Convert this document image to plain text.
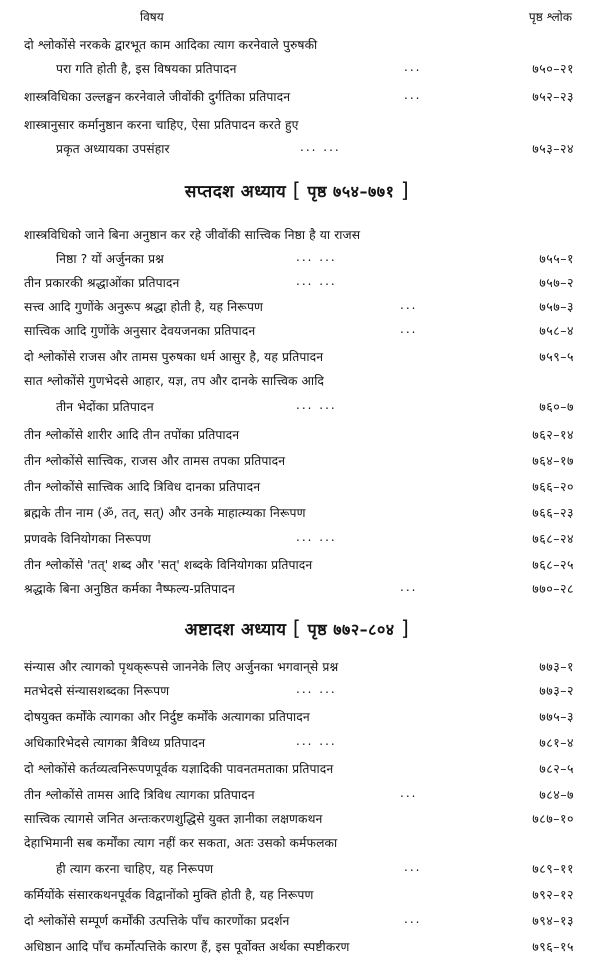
विषय	पृष्ठ श्लोक
दो श्लोकोंसे नरकके द्वारभूत काम आदिका त्याग करनेवाले पुरुषकी
परा गति होती है, इस विषयका प्रतिपादन	...	७५०–२१
शास्त्रविधिका उल्लङ्घन करनेवाले जीवोंकी दुर्गतिका प्रतिपादन	...	७५२–२३
शास्त्रानुसार कर्मानुष्ठान करना चाहिए, ऐसा प्रतिपादन करते हुए
प्रकृत अध्यायका उपसंहार	... ...	७५३–२४
सप्तदश अध्याय [ पृष्ठ ७५४–७७१ ]
शास्त्रविधिको जाने बिना अनुष्ठान कर रहे जीवोंकी सात्त्विक निष्ठा है या राजस
निष्ठा ? यों अर्जुनका प्रश्न	... ...	७५५–१
तीन प्रकारकी श्रद्धाओंका प्रतिपादन	... ...	७५७–२
सत्त्व आदि गुणोंके अनुरूप श्रद्धा होती है, यह निरूपण	...	७५७–३
सात्त्विक आदि गुणोंके अनुसार देवयजनका प्रतिपादन	...	७५८–४
दो श्लोकोंसे राजस और तामस पुरुषका धर्म आसुर है, यह प्रतिपादन	७५९–५
सात श्लोकोंसे गुणभेदसे आहार, यज्ञ, तप और दानके सात्त्विक आदि
तीन भेदोंका प्रतिपादन	... ...	७६०–७
तीन श्लोकोंसे शारीर आदि तीन तपोंका प्रतिपादन	७६२–१४
तीन श्लोकोंसे सात्त्विक, राजस और तामस तपका प्रतिपादन	७६४–१७
तीन श्लोकोंसे सात्त्विक आदि त्रिविध दानका प्रतिपादन	७६६–२०
ब्रह्मके तीन नाम (ॐ, तत्, सत्) और उनके माहात्म्यका निरूपण	७६६–२३
प्रणवके विनियोगका निरूपण	... ...	७६८–२४
तीन श्लोकोंसे 'तत्' शब्द और 'सत्' शब्दके विनियोगका प्रतिपादन	७६८–२५
श्रद्धाके बिना अनुष्ठित कर्मका नैष्फल्य-प्रतिपादन	...	७७०–२८
अष्टादश अध्याय [ पृष्ठ ७७२–८०४ ]
संन्यास और त्यागको पृथक्‌रूपसे जाननेके लिए अर्जुनका भगवान्‌से प्रश्न	७७३–१
मतभेदसे संन्यासशब्दका निरूपण	... ...	७७३–२
दोषयुक्त कर्मोंके त्यागका और निर्दुष्ट कर्मोंके अत्यागका प्रतिपादन	७७५–३
अधिकारिभेदसे त्यागका त्रैविध्य प्रतिपादन	... ...	७८१–४
दो श्लोकोंसे कर्तव्यत्वनिरूपणपूर्वक यज्ञादिकी पावनतमताका प्रतिपादन	७८२–५
तीन श्लोकोंसे तामस आदि त्रिविध त्यागका प्रतिपादन	...	७८४–७
सात्त्विक त्यागसे जनित अन्तःकरणशुद्धिसे युक्त ज्ञानीका लक्षणकथन	७८७–१०
देहाभिमानी सब कर्मोंका त्याग नहीं कर सकता, अतः उसको कर्मफलका
ही त्याग करना चाहिए, यह निरूपण	...	७८९–११
कर्मियोंके संसारकथनपूर्वक विद्वानोंको मुक्ति होती है, यह निरूपण	७९२–१२
दो श्लोकोंसे सम्पूर्ण कर्मोंकी उत्पत्तिके पाँच कारणोंका प्रदर्शन	...	७९४–१३
अधिष्ठान आदि पाँच कर्मोत्पत्तिके कारण हैं, इस पूर्वोक्त अर्थका स्पष्टीकरण	७९६–१५
